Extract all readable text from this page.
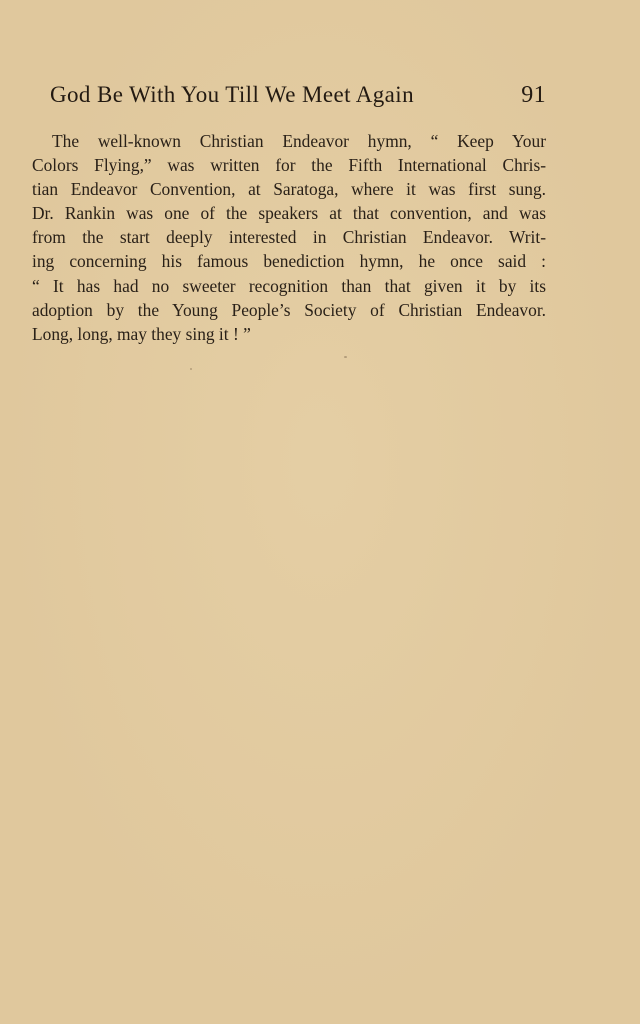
God Be With You Till We Meet Again	91
The well-known Christian Endeavor hymn, “ Keep Your
Colors Flying,” was written for the Fifth International Chris-
tian Endeavor Convention, at Saratoga, where it was first sung.
Dr. Rankin was one of the speakers at that convention, and was
from the start deeply interested in Christian Endeavor. Writ-
ing concerning his famous benediction hymn, he once said :
“ It has had no sweeter recognition than that given it by its
adoption by the Young People’s Society of Christian Endeavor.
Long, long, may they sing it ! ”
